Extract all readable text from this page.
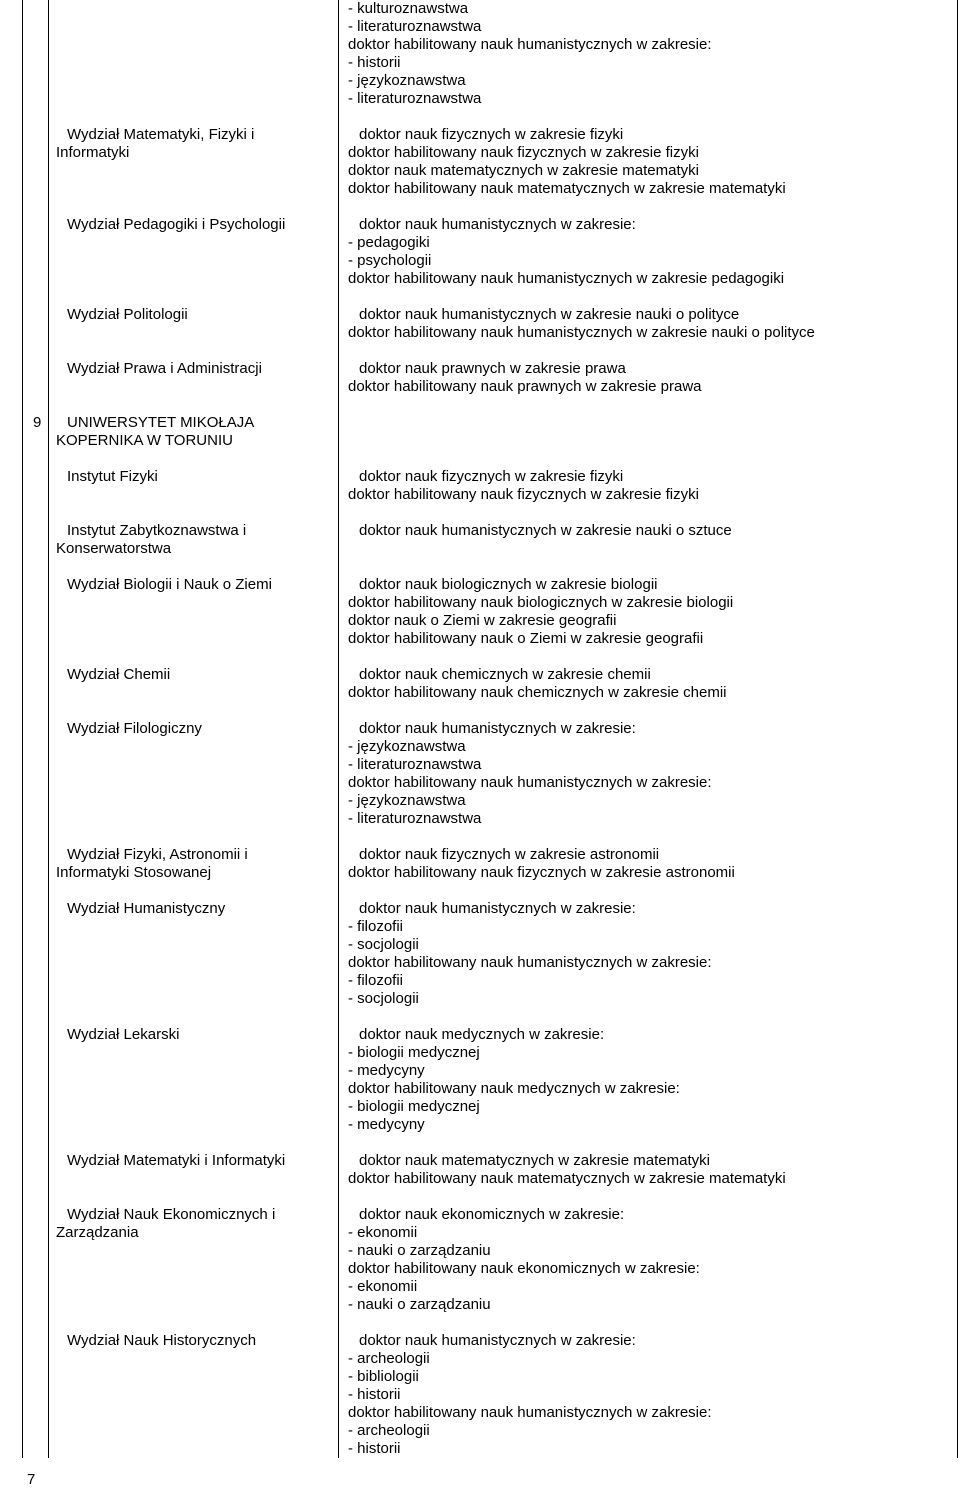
- kulturoznawstwa
- literaturoznawstwa
doktor habilitowany nauk humanistycznych w zakresie:
- historii
- językoznawstwa
- literaturoznawstwa
Wydział Matematyki, Fizyki i
Informatyki
doktor nauk fizycznych w zakresie fizyki
doktor habilitowany nauk fizycznych w zakresie fizyki
doktor nauk matematycznych w zakresie matematyki
doktor habilitowany nauk matematycznych w zakresie matematyki
Wydział Pedagogiki i Psychologii	doktor nauk humanistycznych w zakresie:
- pedagogiki
- psychologii
doktor habilitowany nauk humanistycznych w zakresie pedagogiki
Wydział Politologii	doktor nauk humanistycznych w zakresie nauki o polityce
doktor habilitowany nauk humanistycznych w zakresie nauki o polityce
Wydział Prawa i Administracji	doktor nauk prawnych w zakresie prawa
doktor habilitowany nauk prawnych w zakresie prawa
9	UNIWERSYTET MIKOŁAJA
KOPERNIKA W TORUNIU
Instytut Fizyki	doktor nauk fizycznych w zakresie fizyki
doktor habilitowany nauk fizycznych w zakresie fizyki
Instytut Zabytkoznawstwa i
Konserwatorstwa
doktor nauk humanistycznych w zakresie nauki o sztuce
Wydział Biologii i Nauk o Ziemi	doktor nauk biologicznych w zakresie biologii
doktor habilitowany nauk biologicznych w zakresie biologii
doktor nauk o Ziemi w zakresie geografii
doktor habilitowany nauk o Ziemi w zakresie geografii
Wydział Chemii	doktor nauk chemicznych w zakresie chemii
doktor habilitowany nauk chemicznych w zakresie chemii
Wydział Filologiczny	doktor nauk humanistycznych w zakresie:
- językoznawstwa
- literaturoznawstwa
doktor habilitowany nauk humanistycznych w zakresie:
- językoznawstwa
- literaturoznawstwa
Wydział Fizyki, Astronomii i
Informatyki Stosowanej
doktor nauk fizycznych w zakresie astronomii
doktor habilitowany nauk fizycznych w zakresie astronomii
Wydział Humanistyczny	doktor nauk humanistycznych w zakresie:
- filozofii
- socjologii
doktor habilitowany nauk humanistycznych w zakresie:
- filozofii
- socjologii
Wydział Lekarski	doktor nauk medycznych w zakresie:
- biologii medycznej
- medycyny
doktor habilitowany nauk medycznych w zakresie:
- biologii medycznej
- medycyny
Wydział Matematyki i Informatyki	doktor nauk matematycznych w zakresie matematyki
doktor habilitowany nauk matematycznych w zakresie matematyki
Wydział Nauk Ekonomicznych i
Zarządzania
doktor nauk ekonomicznych w zakresie:
- ekonomii
- nauki o zarządzaniu
doktor habilitowany nauk ekonomicznych w zakresie:
- ekonomii
- nauki o zarządzaniu
Wydział Nauk Historycznych	doktor nauk humanistycznych w zakresie:
- archeologii
- bibliologii
- historii
doktor habilitowany nauk humanistycznych w zakresie:
- archeologii
- historii
7
